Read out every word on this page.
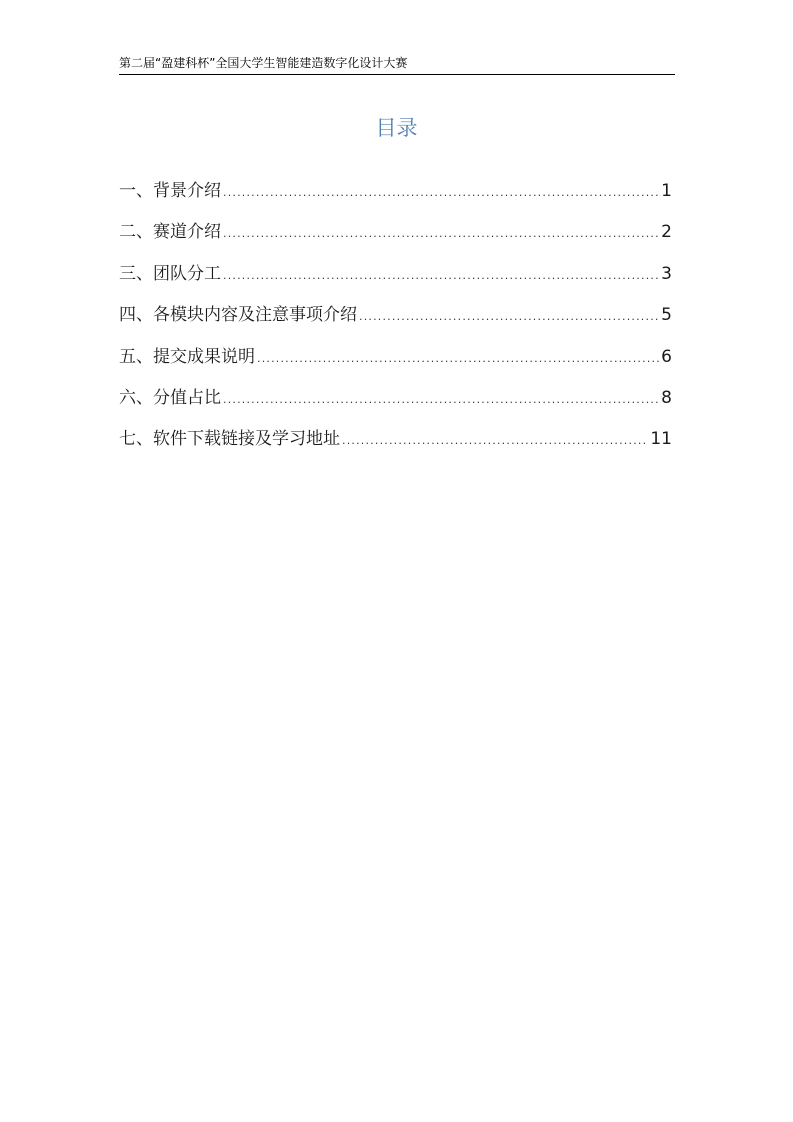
第二届“盈建科杯”全国大学生智能建造数字化设计大赛
目录
一、背景介绍 .....	1
二、赛道介绍 .....	2
三、团队分工 .....	3
四、各模块内容及注意事项介绍 .....	5
五、提交成果说明 .....	6
六、分值占比 .....	8
七、软件下载链接及学习地址 .....	11
